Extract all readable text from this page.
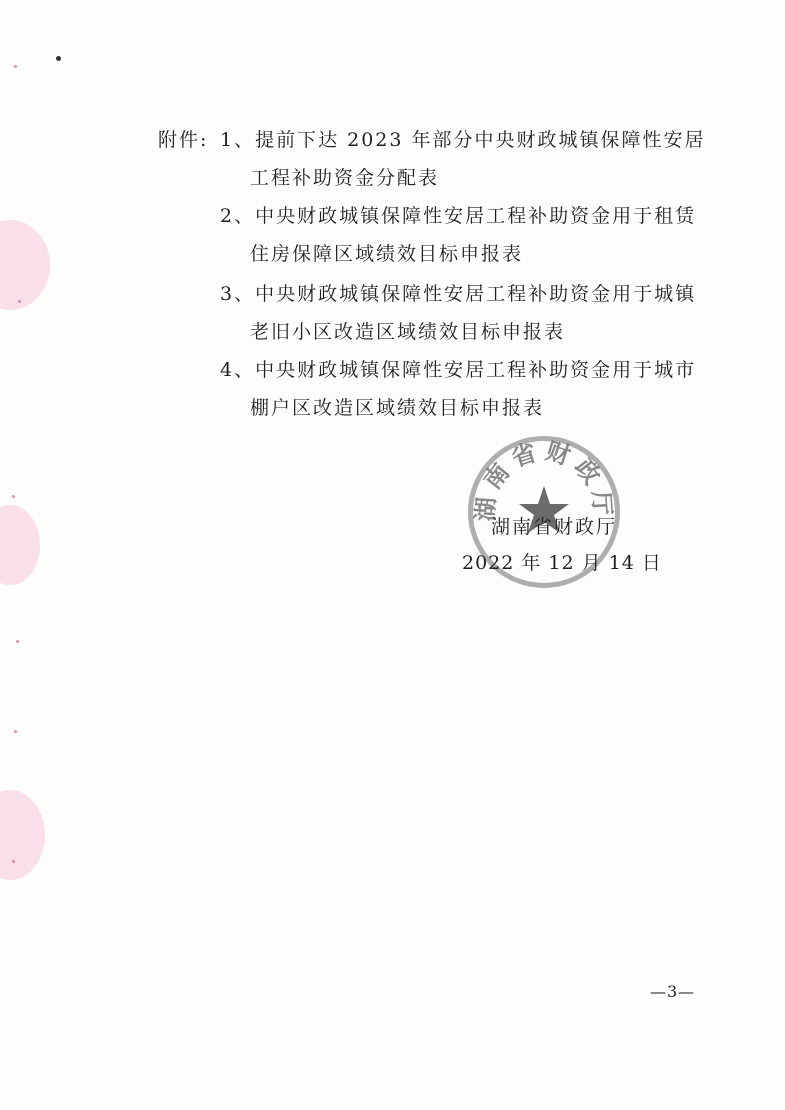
附件: 1、提前下达 2023 年部分中央财政城镇保障性安居
工程补助资金分配表
2、中央财政城镇保障性安居工程补助资金用于租赁
住房保障区域绩效目标申报表
3、中央财政城镇保障性安居工程补助资金用于城镇
老旧小区改造区域绩效目标申报表
4、中央财政城镇保障性安居工程补助资金用于城市
棚户区改造区域绩效目标申报表
湖南省财政厅
湖南省财政厅
2022 年 12 月 14 日
—3—
